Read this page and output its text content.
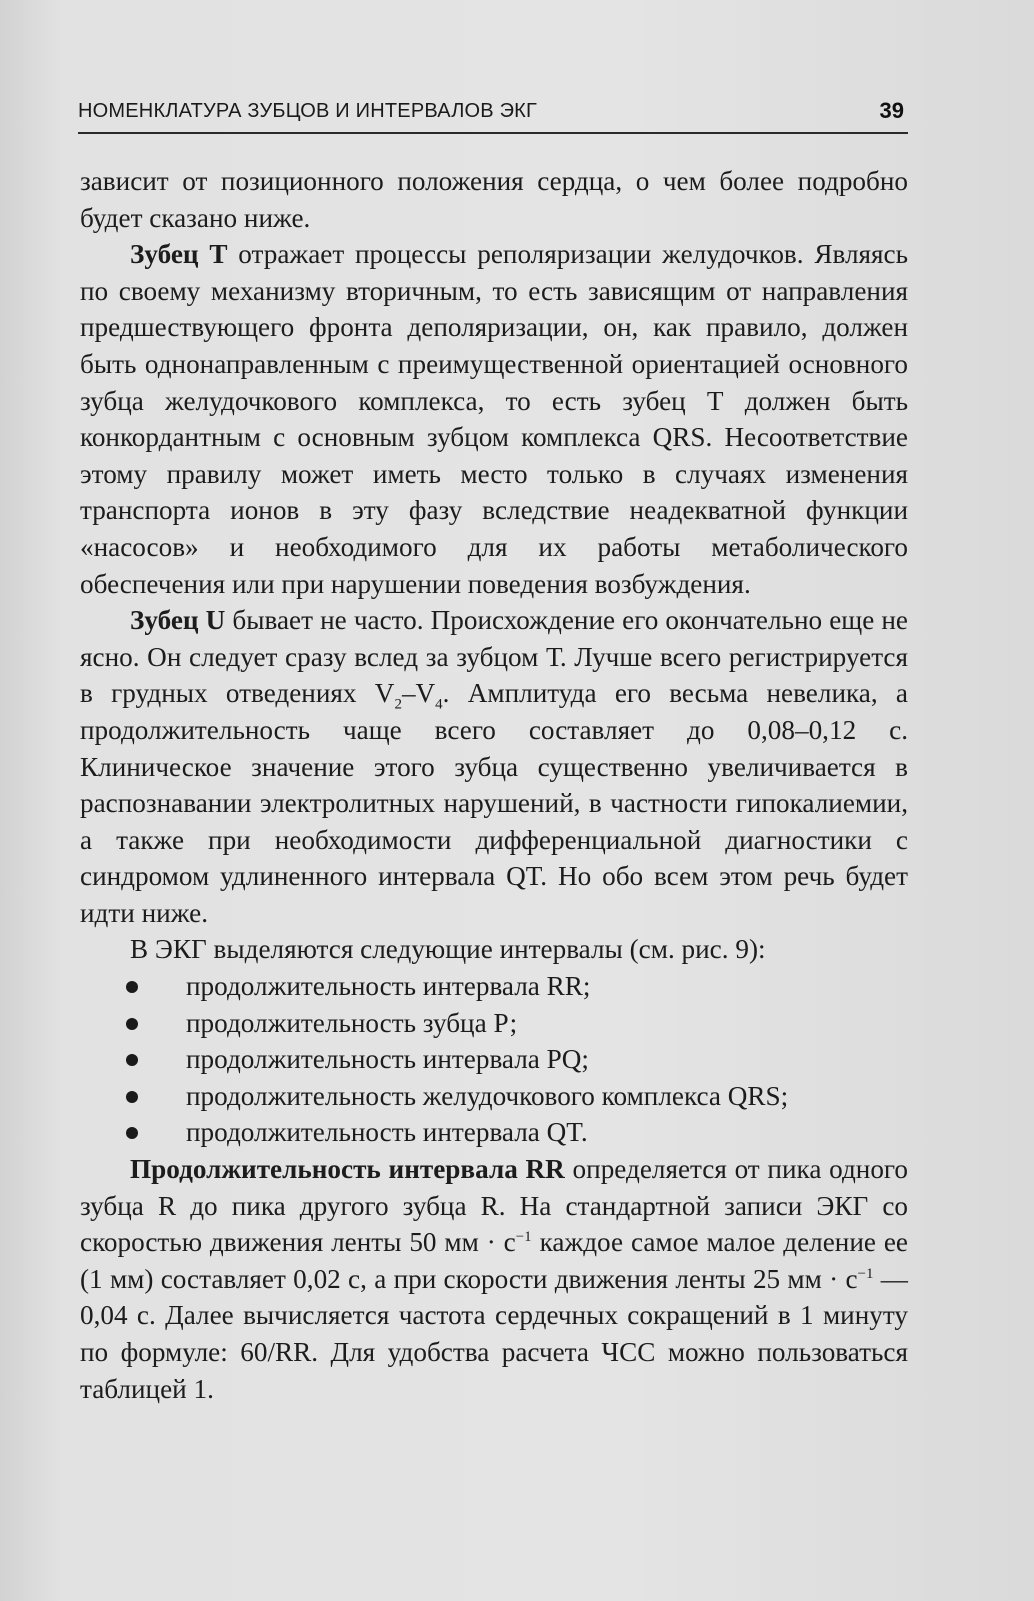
НОМЕНКЛАТУРА ЗУБЦОВ И ИНТЕРВАЛОВ ЭКГ	39

зависит от позиционного положения сердца, о чем более подробно будет сказано ниже.

Зубец Т отражает процессы реполяризации желудочков. Являясь по своему механизму вторичным, то есть зависящим от направления предшествующего фронта деполяризации, он, как правило, должен быть однонаправленным с преимущественной ориентацией основного зубца желудочкового комплекса, то есть зубец Т должен быть конкордантным с основным зубцом комплекса QRS. Несоответствие этому правилу может иметь место только в случаях изменения транспорта ионов в эту фазу вследствие неадекватной функции «насосов» и необходимого для их работы метаболического обеспечения или при нарушении поведения возбуждения.

Зубец U бывает не часто. Происхождение его окончательно еще не ясно. Он следует сразу вслед за зубцом Т. Лучше всего регистрируется в грудных отведениях $V_2-V_4$. Амплитуда его весьма невелика, а продолжительность чаще всего составляет до 0,08–0,12 с. Клиническое значение этого зубца существенно увеличивается в распознавании электролитных нарушений, в частности гипокалиемии, а также при необходимости дифференциальной диагностики с синдромом удлиненного интервала QT. Но обо всем этом речь будет идти ниже.

В ЭКГ выделяются следующие интервалы (см. рис. 9):

продолжительность интервала RR;
продолжительность зубца Р;
продолжительность интервала PQ;
продолжительность желудочкового комплекса QRS;
продолжительность интервала QT.

Продолжительность интервала RR определяется от пика одного зубца R до пика другого зубца R. На стандартной записи ЭКГ со скоростью движения ленты 50 мм · $с^{-1}$ каждое самое малое деление ее (1 мм) составляет 0,02 с, а при скорости движения ленты 25 мм · $с^{-1}$ — 0,04 с. Далее вычисляется частота сердечных сокращений в 1 минуту по формуле: 60/RR. Для удобства расчета ЧСС можно пользоваться таблицей 1.
